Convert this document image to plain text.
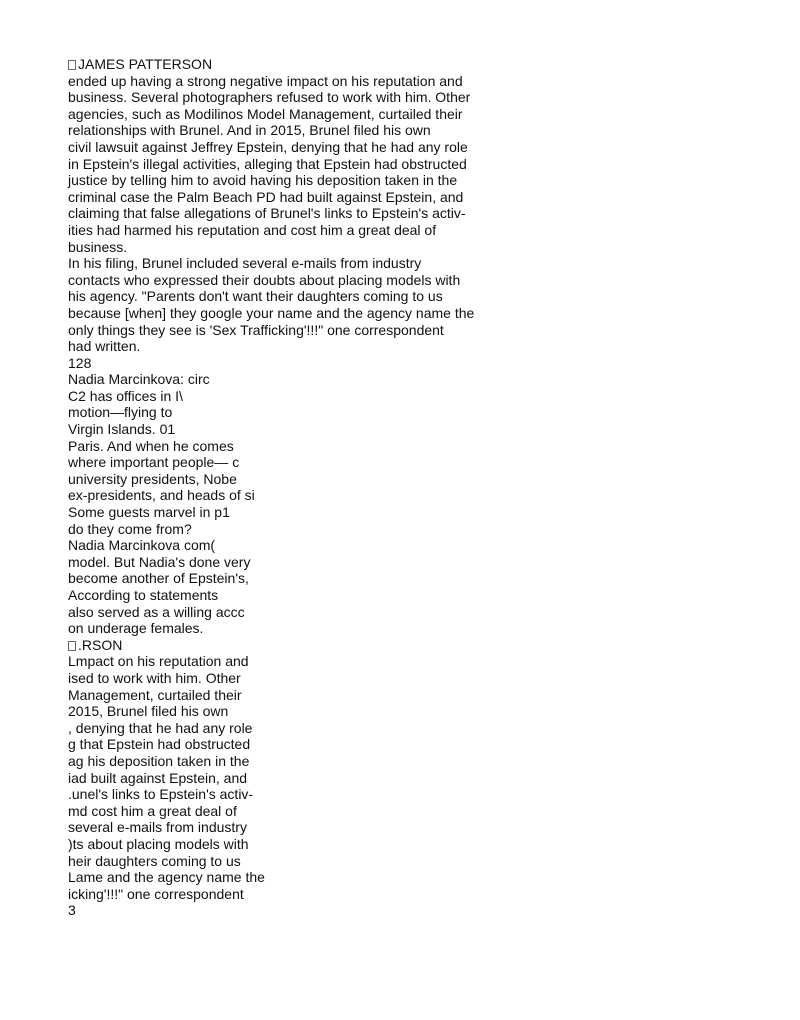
JAMES PATTERSON
ended up having a strong negative impact on his reputation and
business. Several photographers refused to work with him. Other
agencies, such as Modilinos Model Management, curtailed their
relationships with Brunel. And in 2015, Brunel filed his own
civil lawsuit against Jeffrey Epstein, denying that he had any role
in Epstein's illegal activities, alleging that Epstein had obstructed
justice by telling him to avoid having his deposition taken in the
criminal case the Palm Beach PD had built against Epstein, and
claiming that false allegations of Brunel's links to Epstein's activ-
ities had harmed his reputation and cost him a great deal of
business.
In his filing, Brunel included several e-mails from industry
contacts who expressed their doubts about placing models with
his agency. "Parents don't want their daughters coming to us
because [when] they google your name and the agency name the
only things they see is 'Sex Trafficking'!!!" one correspondent
had written.
128
Nadia Marcinkova: circ
C2 has offices in I\
motion—flying to
Virgin Islands. 01
Paris. And when he comes
where important people— c
university presidents, Nobe
ex-presidents, and heads of si
Some guests marvel in p1
do they come from?
Nadia Marcinkova com(
model. But Nadia's done very
become another of Epstein's,
According to statements
also served as a willing accc
on underage females.
.RSON
Lmpact on his reputation and
ised to work with him. Other
Management, curtailed their
2015, Brunel filed his own
, denying that he had any role
g that Epstein had obstructed
ag his deposition taken in the
iad built against Epstein, and
.unel's links to Epstein's activ-
md cost him a great deal of
several e-mails from industry
)ts about placing models with
heir daughters coming to us
Lame and the agency name the
icking'!!!" one correspondent
3
